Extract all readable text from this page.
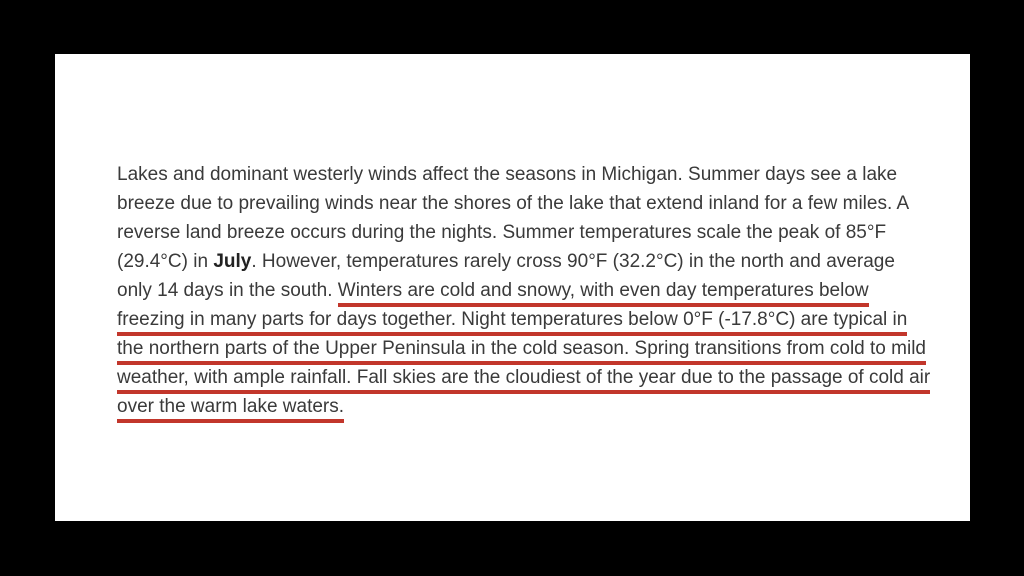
Lakes and dominant westerly winds affect the seasons in Michigan. Summer days see a lake
breeze due to prevailing winds near the shores of the lake that extend inland for a few miles. A
reverse land breeze occurs during the nights. Summer temperatures scale the peak of 85°F
(29.4°C) in July. However, temperatures rarely cross 90°F (32.2°C) in the north and average
only 14 days in the south. Winters are cold and snowy, with even day temperatures below
freezing in many parts for days together. Night temperatures below 0°F (-17.8°C) are typical in
the northern parts of the Upper Peninsula in the cold season. Spring transitions from cold to mild
weather, with ample rainfall. Fall skies are the cloudiest of the year due to the passage of cold air
over the warm lake waters.
